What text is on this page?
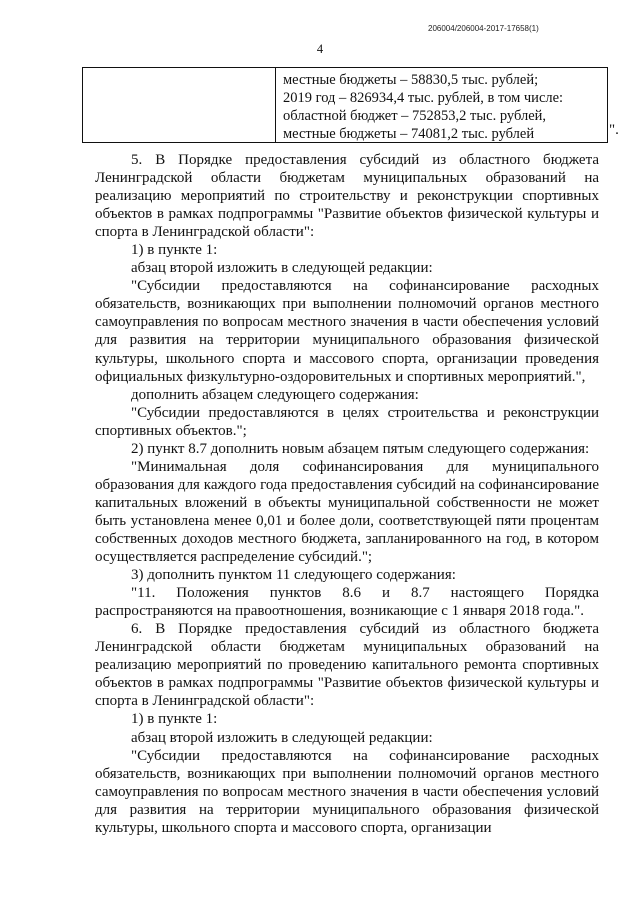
206004/206004-2017-17658(1)
4
местные бюджеты – 58830,5 тыс. рублей;
2019 год – 826934,4 тыс. рублей, в том числе:
областной бюджет – 752853,2 тыс. рублей,
местные бюджеты – 74081,2 тыс. рублей	".

5. В Порядке предоставления субсидий из областного бюджета Ленинградской области бюджетам муниципальных образований на реализацию мероприятий по строительству и реконструкции спортивных объектов в рамках подпрограммы "Развитие объектов физической культуры и спорта в Ленинградской области":

1) в пункте 1:

абзац второй изложить в следующей редакции:

"Субсидии предоставляются на софинансирование расходных обязательств, возникающих при выполнении полномочий органов местного самоуправления по вопросам местного значения в части обеспечения условий для развития на территории муниципального образования физической культуры, школьного спорта и массового спорта, организации проведения официальных физкультурно-оздоровительных и спортивных мероприятий.",

дополнить абзацем следующего содержания:

"Субсидии предоставляются в целях строительства и реконструкции спортивных объектов.";

2) пункт 8.7 дополнить новым абзацем пятым следующего содержания:

"Минимальная доля софинансирования для муниципального образования для каждого года предоставления субсидий на софинансирование капитальных вложений в объекты муниципальной собственности не может быть установлена менее 0,01 и более доли, соответствующей пяти процентам собственных доходов местного бюджета, запланированного на год, в котором осуществляется распределение субсидий.";

3) дополнить пунктом 11 следующего содержания:

"11. Положения пунктов 8.6 и 8.7 настоящего Порядка распространяются на правоотношения, возникающие с 1 января 2018 года.".

6. В Порядке предоставления субсидий из областного бюджета Ленинградской области бюджетам муниципальных образований на реализацию мероприятий по проведению капитального ремонта спортивных объектов в рамках подпрограммы "Развитие объектов физической культуры и спорта в Ленинградской области":

1) в пункте 1:

абзац второй изложить в следующей редакции:

"Субсидии предоставляются на софинансирование расходных обязательств, возникающих при выполнении полномочий органов местного самоуправления по вопросам местного значения в части обеспечения условий для развития на территории муниципального образования физической культуры, школьного спорта и массового спорта, организации
